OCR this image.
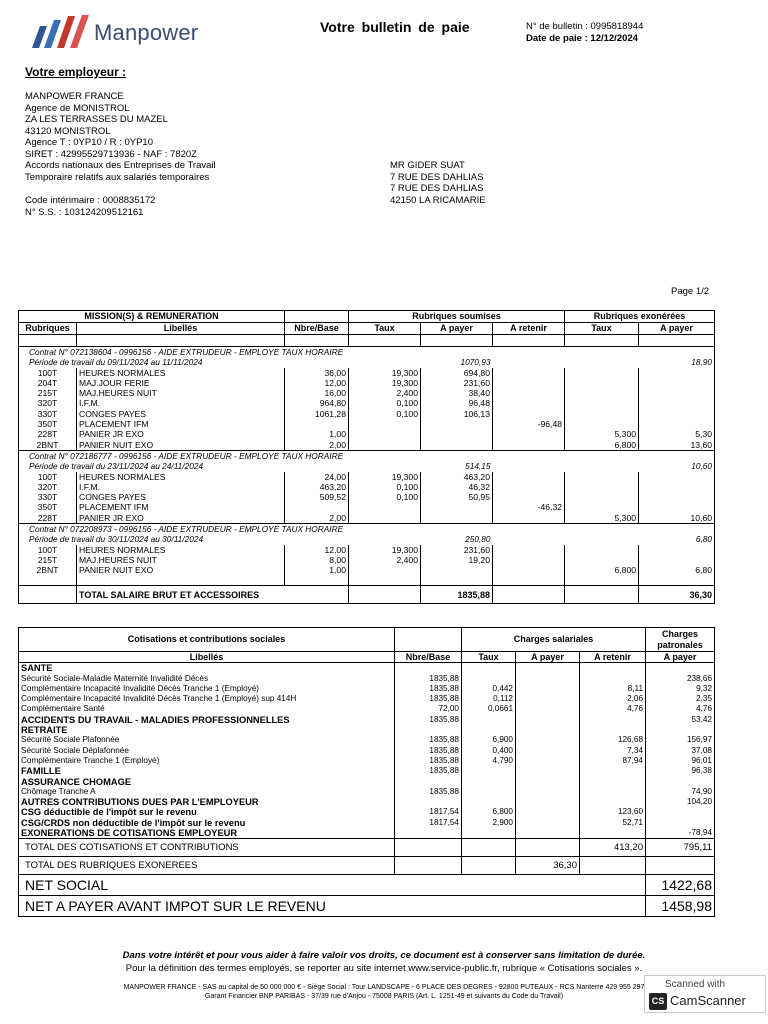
Manpower	Votre bulletin de paie	N° de bulletin : 0995818944
Date de paie : 12/12/2024
Votre employeur :
MANPOWER FRANCE
Agence de MONISTROL
ZA LES TERRASSES DU MAZEL
43120 MONISTROL
Agence T : 0YP10 / R : 0YP10
SIRET : 42995529713936 - NAF : 7820Z
Accords nationaux des Entreprises de Travail
Temporaire relatifs aux salariés temporaires
Code intérimaire : 0008835172
N° S.S. : 103124209512161
MR GIDER SUAT
7 RUE DES DAHLIAS
7 RUE DES DAHLIAS
42150 LA RICAMARIE
Page 1/2
MISSION(S) & REMUNERATION			Rubriques soumises			Rubriques exonérées	
Rubriques	Libellés	Nbre/Base	Taux	A payer	A retenir	Taux	A payer

Contrat N° 072138604 - 0996156 - AIDE EXTRUDEUR - EMPLOYE TAUX HORAIRE							
Période de travail du 09/11/2024 au 11/11/2024				1070,93			18,90
100T	HEURES NORMALES	36,00	19,300	694,80			
204T	MAJ.JOUR FERIE	12,00	19,300	231,60			
215T	MAJ.HEURES NUIT	16,00	2,400	38,40			
320T	I.F.M.	964,80	0,100	96,48			
330T	CONGES PAYES	1061,28	0,100	106,13			
350T	PLACEMENT IFM				-96,48		
228T	PANIER JR EXO	1,00				5,300	5,30
2BNT	PANIER NUIT EXO	2,00				6,800	13,60
Contrat N° 072186777 - 0996156 - AIDE EXTRUDEUR - EMPLOYE TAUX HORAIRE							
Période de travail du 23/11/2024 au 24/11/2024				514,15			10,60
100T	HEURES NORMALES	24,00	19,300	463,20			
320T	I.F.M.	463,20	0,100	46,32			
330T	CONGES PAYES	509,52	0,100	50,95			
350T	PLACEMENT IFM				-46,32		
228T	PANIER JR EXO	2,00				5,300	10,60
Contrat N° 072208973 - 0996156 - AIDE EXTRUDEUR - EMPLOYE TAUX HORAIRE							
Période de travail du 30/11/2024 au 30/11/2024				250,80			6,80
100T	HEURES NORMALES	12,00	19,300	231,60			
215T	MAJ.HEURES NUIT	8,00	2,400	19,20			
2BNT	PANIER NUIT EXO	1,00				6,800	6,80

	TOTAL SALAIRE BRUT ET ACCESSOIRES			1835,88			36,30
Cotisations et contributions sociales		Charges salariales			Charges patronales
Libellés	Nbre/Base	Taux	A payer	A retenir	A payer
SANTE					
Sécurité Sociale-Maladie Maternité Invalidité Décès	1835,88				238,66
Complémentaire Incapacité Invalidité Décès Tranche 1 (Employé)	1835,88	0,442		8,11	9,32
Complémentaire Incapacité Invalidité Décès Tranche 1 (Employé) sup 414H	1835,88	0,112		2,06	2,35
Complémentaire Santé	72,00	0,0661		4,76	4,76
ACCIDENTS DU TRAVAIL - MALADIES PROFESSIONNELLES	1835,88				53,42
RETRAITE					
Sécurité Sociale Plafonnée	1835,88	6,900		126,68	156,97
Sécurité Sociale Déplafonnée	1835,88	0,400		7,34	37,08
Complémentaire Tranche 1 (Employé)	1835,88	4,790		87,94	96,01
FAMILLE	1835,88				96,38
ASSURANCE CHOMAGE					
Chômage Tranche A	1835,88				74,90
AUTRES CONTRIBUTIONS DUES PAR L'EMPLOYEUR					104,20
CSG déductible de l'impôt sur le revenu	1817,54	6,800		123,60	
CSG/CRDS non déductible de l'impôt sur le revenu	1817,54	2,900		52,71	
EXONERATIONS DE COTISATIONS EMPLOYEUR					-78,94
TOTAL DES COTISATIONS ET CONTRIBUTIONS				413,20	795,11
TOTAL DES RUBRIQUES EXONEREES			36,30		
NET SOCIAL					1422,68
NET A PAYER AVANT IMPOT SUR LE REVENU					1458,98
Dans votre intérêt et pour vous aider à faire valoir vos droits, ce document est à conserver sans limitation de durée.
Pour la définition des termes employés, se reporter au site internet www.service-public.fr, rubrique « Cotisations sociales ».
MANPOWER FRANCE - SAS au capital de 50 000 000 € - Siège Social : Tour LANDSCAPE - 6 PLACE DES DEGRES - 92800 PUTEAUX - RCS Nanterre 429 955 297
Garant Financier BNP PARIBAS - 37/39 rue d'Anjou - 75008 PARIS (Art. L. 1251-49 et suivants du Code du Travail)
Scanned with
CS CamScanner
